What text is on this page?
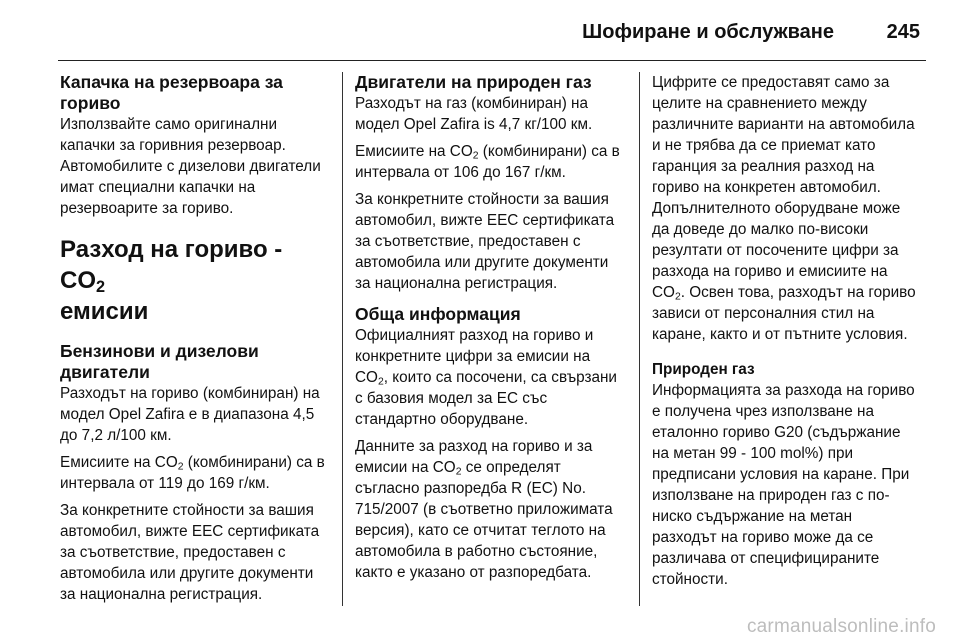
Шофиране и обслужване	245
Капачка на резервоара за гориво

Използвайте само оригинални капачки за горивния резервоар. Автомобилите с дизелови двигатели имат специални капачки на резервоарите за гориво.

Разход на гориво - $CO_2$
емисии
Бензинови и дизелови двигатели

Разходът на гориво (комбиниран) на модел Opel Zafira е в диапазона 4,5 до 7,2 л/100 км.

Емисиите на $CO_2$ (комбинирани) са в интервала от 119 до 169 г/км.

За конкретните стойности за вашия автомобил, вижте EEC сертификата за съответствие, предоставен с автомобила или другите документи за национална регистрация.

Двигатели на природен газ

Разходът на газ (комбиниран) на модел Opel Zafira is 4,7 кг/100 км.

Емисиите на $CO_2$ (комбинирани) са в интервала от 106 до 167 г/км.

За конкретните стойности за вашия автомобил, вижте EEC сертификата за съответствие, предоставен с автомобила или другите документи за национална регистрация.

Обща информация

Официалният разход на гориво и конкретните цифри за емисии на $CO_2$, които са посочени, са свързани с базовия модел за ЕС със стандартно оборудване.

Данните за разход на гориво и за емисии на $CO_2$ се определят съгласно разпоредба R (EC) No. 715/2007 (в съответно приложимата версия), като се отчитат теглото на автомобила в работно състояние, както е указано от разпоредбата.

Цифрите се предоставят само за целите на сравнението между различните варианти на автомобила и не трябва да се приемат като гаранция за реалния разход на гориво на конкретен автомобил. Допълнителното оборудване може да доведе до малко по-високи резултати от посочените цифри за разхода на гориво и емисиите на $CO_2$. Освен това, разходът на гориво зависи от персоналния стил на каране, както и от пътните условия.

Природен газ

Информацията за разхода на гориво е получена чрез използване на еталонно гориво G20 (съдържание на метан 99 - 100 mol%) при предписани условия на каране. При използване на природен газ с по-ниско съдържание на метан разходът на гориво може да се различава от специфицираните стойности.

carmanualsonline.info
